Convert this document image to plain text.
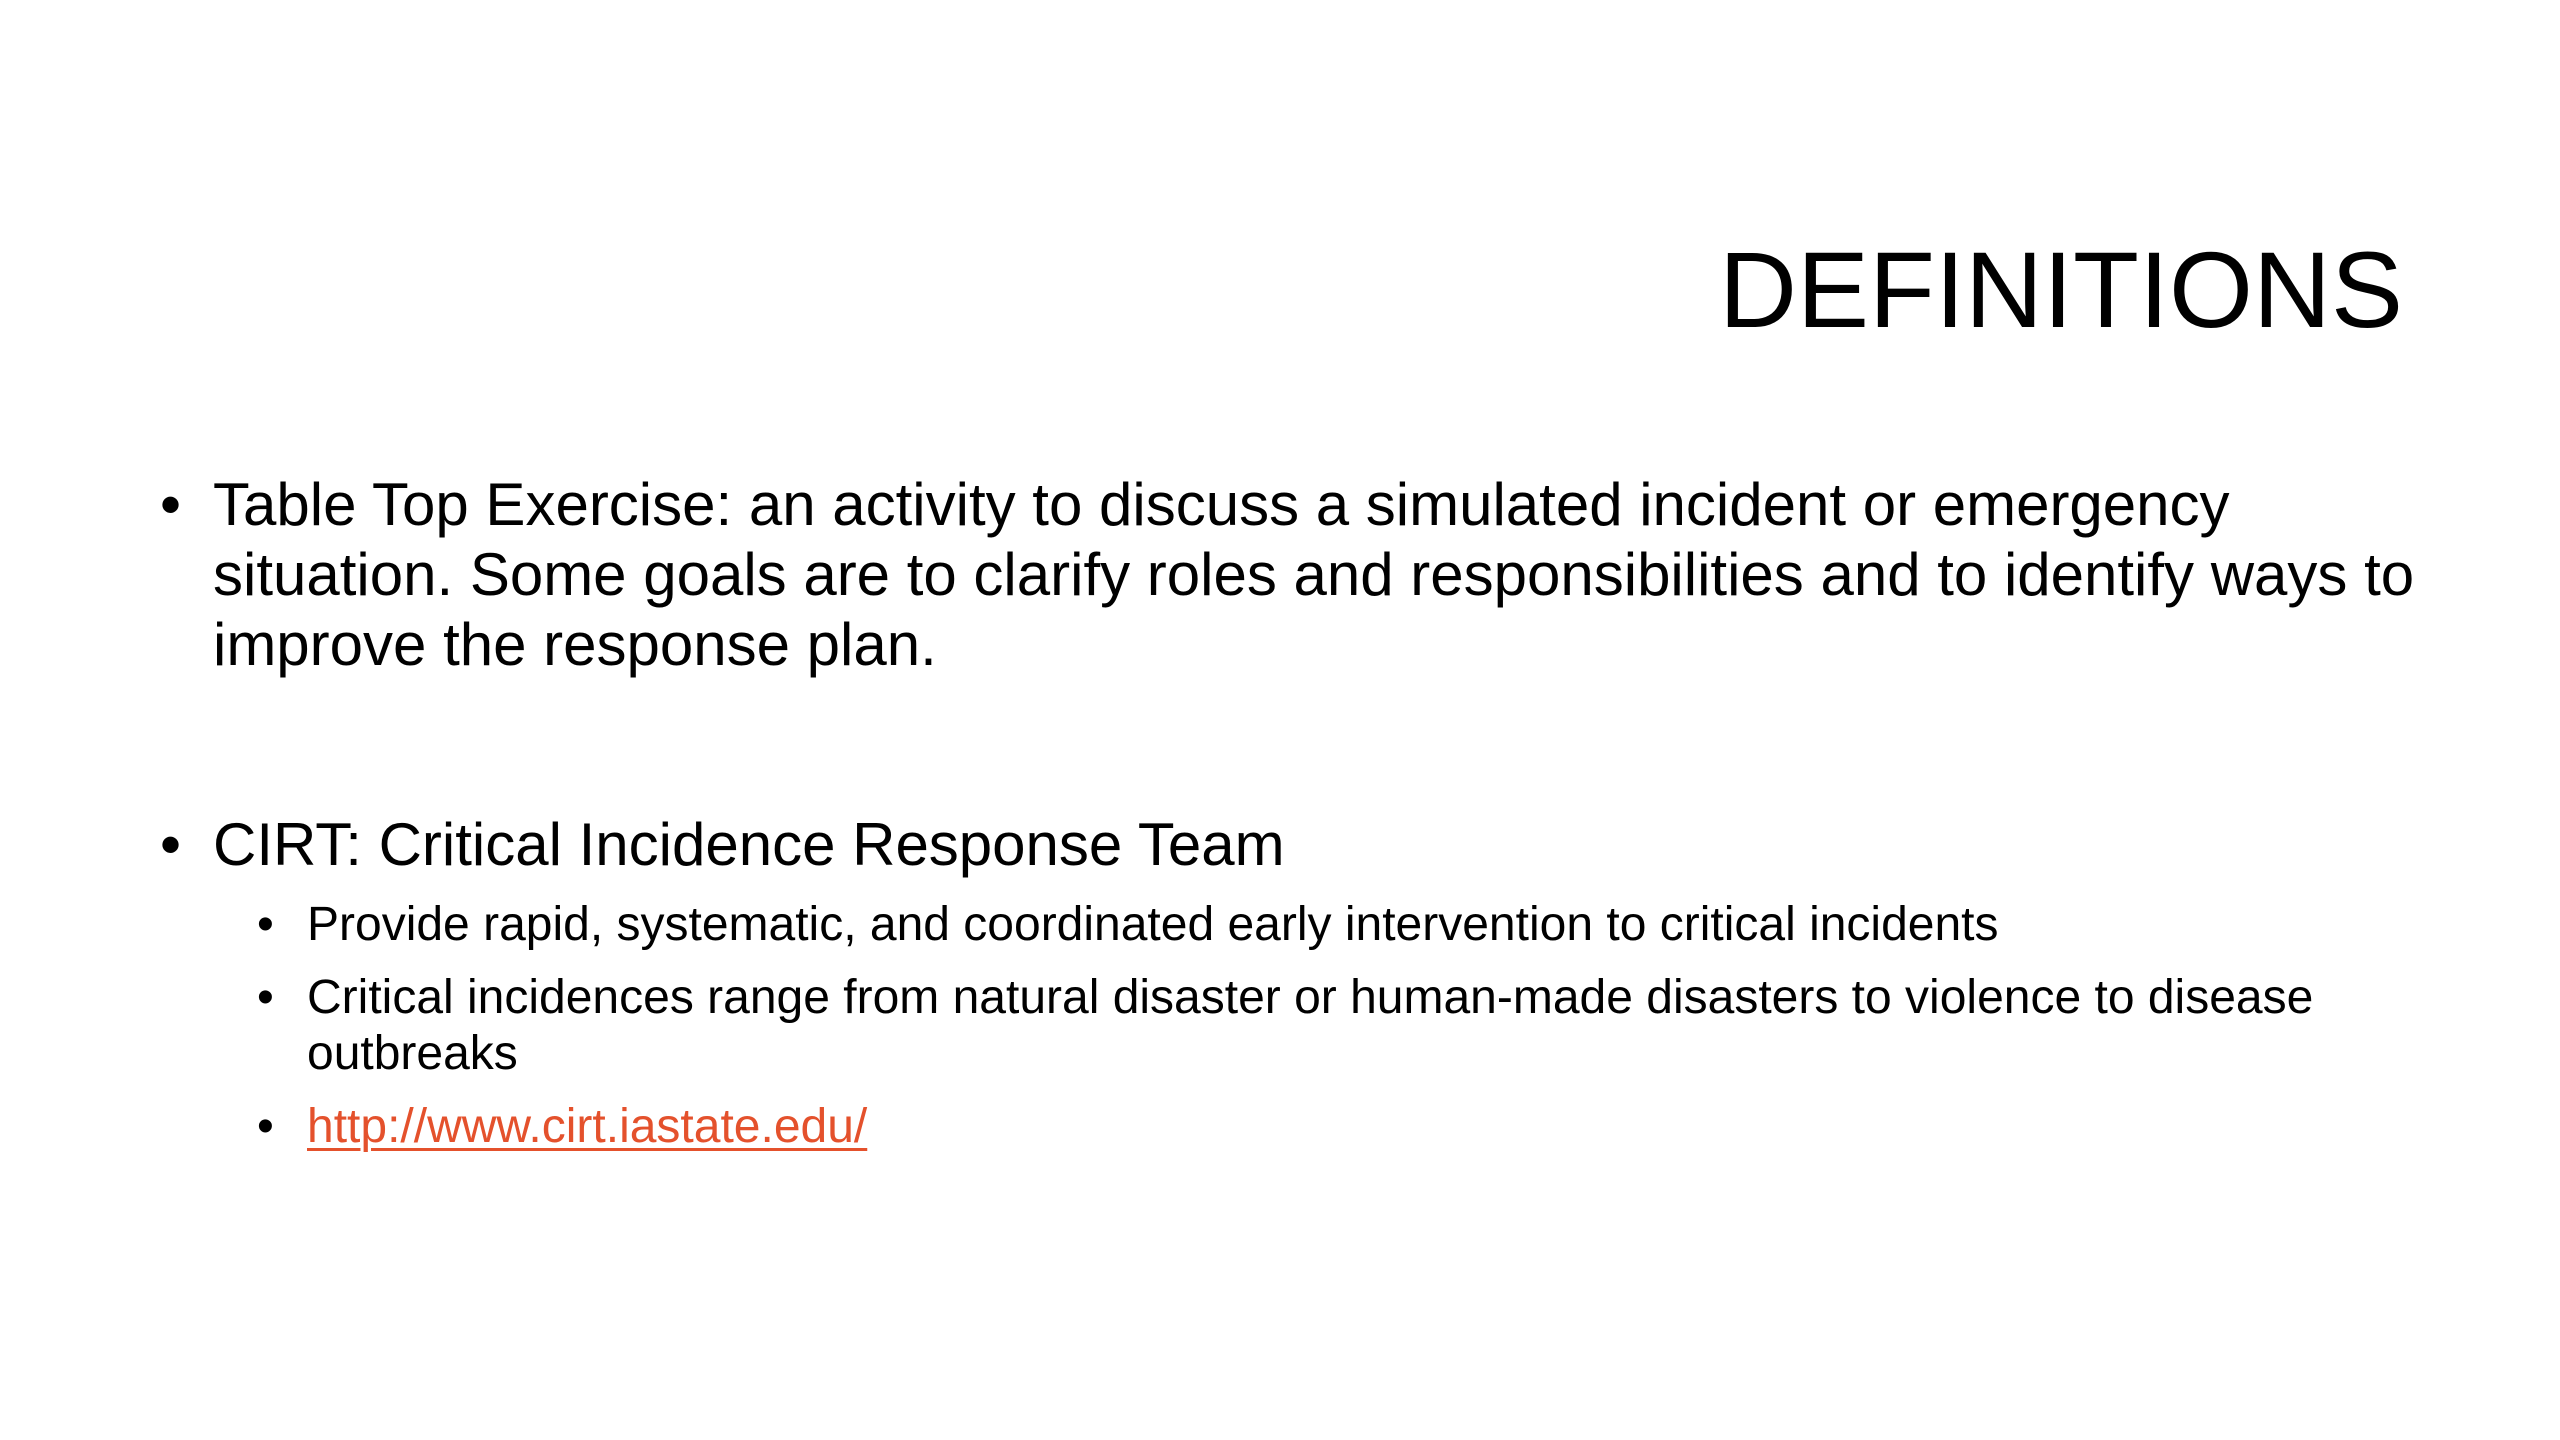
DEFINITIONS
• Table Top Exercise: an activity to discuss a simulated incident or emergency situation. Some goals are to clarify roles and responsibilities and to identify ways to improve the response plan.
• CIRT: Critical Incidence Response Team
• Provide rapid, systematic, and coordinated early intervention to critical incidents
• Critical incidences range from natural disaster or human-made disasters to violence to disease outbreaks
• http://www.cirt.iastate.edu/
